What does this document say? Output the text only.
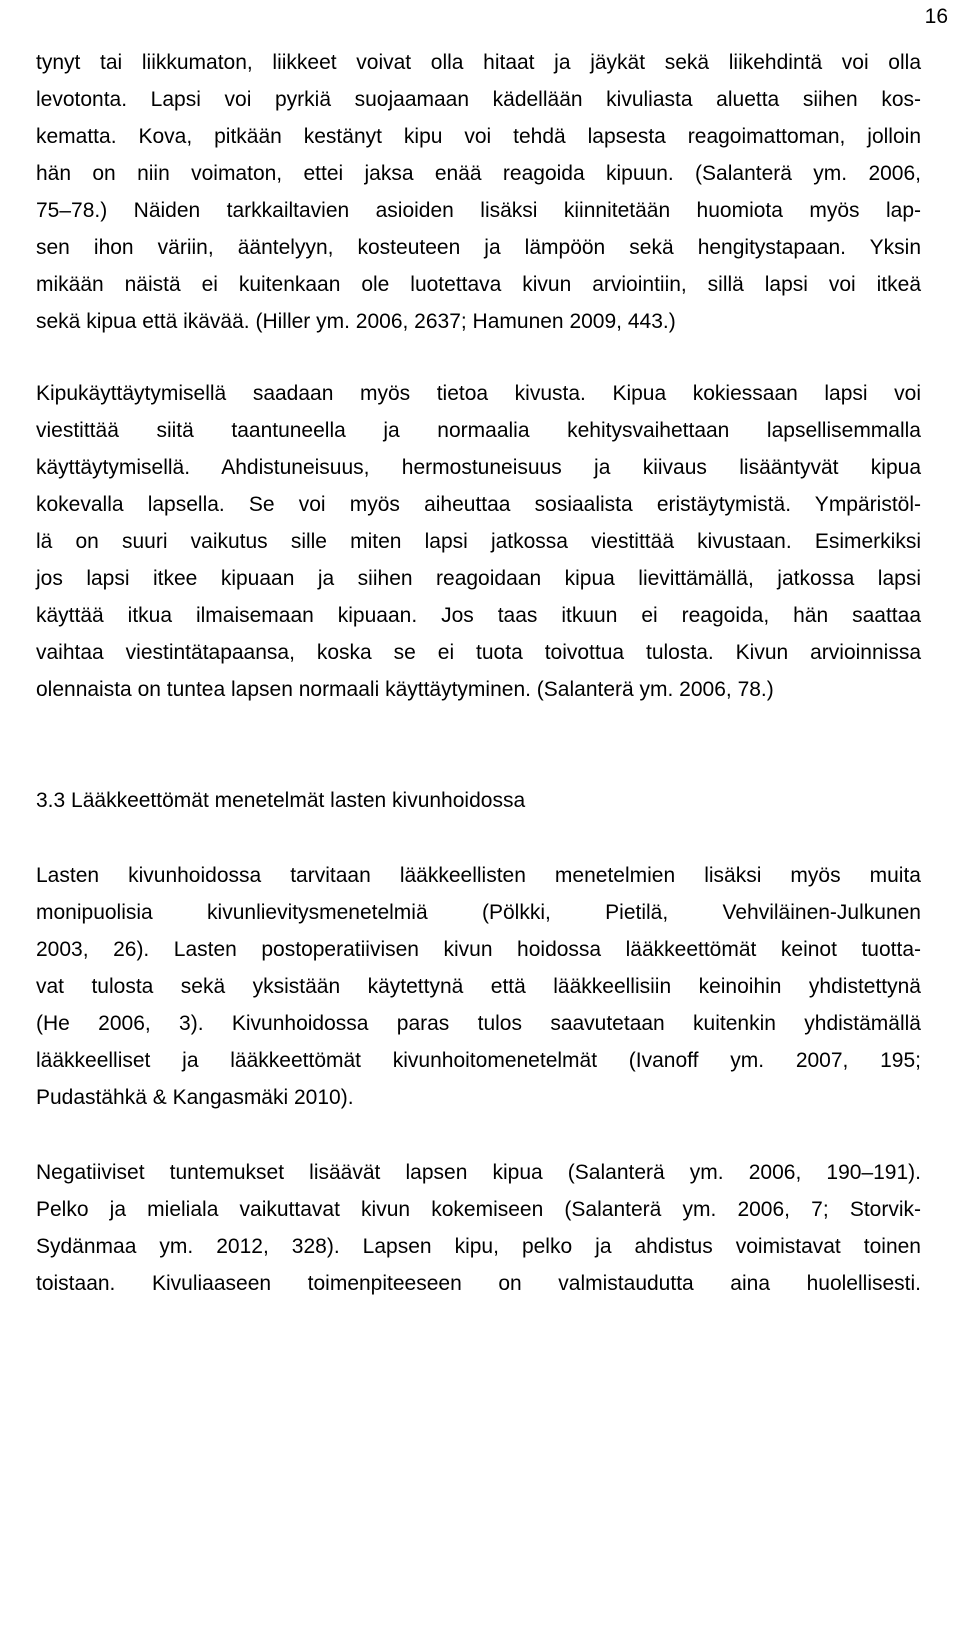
16
tynyt tai liikkumaton, liikkeet voivat olla hitaat ja jäykät sekä liikehdintä voi olla
levotonta. Lapsi voi pyrkiä suojaamaan kädellään kivuliasta aluetta siihen kos-
kematta. Kova, pitkään kestänyt kipu voi tehdä lapsesta reagoimattoman, jolloin
hän on niin voimaton, ettei jaksa enää reagoida kipuun. (Salanterä ym. 2006,
75–78.) Näiden tarkkailtavien asioiden lisäksi kiinnitetään huomiota myös lap-
sen ihon väriin, ääntelyyn, kosteuteen ja lämpöön sekä hengitystapaan. Yksin
mikään näistä ei kuitenkaan ole luotettava kivun arviointiin, sillä lapsi voi itkeä
sekä kipua että ikävää. (Hiller ym. 2006, 2637; Hamunen 2009, 443.)
Kipukäyttäytymisellä saadaan myös tietoa kivusta. Kipua kokiessaan lapsi voi
viestittää siitä taantuneella ja normaalia kehitysvaihettaan lapsellisemmalla
käyttäytymisellä. Ahdistuneisuus, hermostuneisuus ja kiivaus lisääntyvät kipua
kokevalla lapsella. Se voi myös aiheuttaa sosiaalista eristäytymistä. Ympäristöl-
lä on suuri vaikutus sille miten lapsi jatkossa viestittää kivustaan. Esimerkiksi
jos lapsi itkee kipuaan ja siihen reagoidaan kipua lievittämällä, jatkossa lapsi
käyttää itkua ilmaisemaan kipuaan. Jos taas itkuun ei reagoida, hän saattaa
vaihtaa viestintätapaansa, koska se ei tuota toivottua tulosta. Kivun arvioinnissa
olennaista on tuntea lapsen normaali käyttäytyminen. (Salanterä ym. 2006, 78.)
3.3 Lääkkeettömät menetelmät lasten kivunhoidossa
Lasten kivunhoidossa tarvitaan lääkkeellisten menetelmien lisäksi myös muita
monipuolisia kivunlievitysmenetelmiä (Pölkki, Pietilä, Vehviläinen-Julkunen
2003, 26). Lasten postoperatiivisen kivun hoidossa lääkkeettömät keinot tuotta-
vat tulosta sekä yksistään käytettynä että lääkkeellisiin keinoihin yhdistettynä
(He 2006, 3). Kivunhoidossa paras tulos saavutetaan kuitenkin yhdistämällä
lääkkeelliset ja lääkkeettömät kivunhoitomenetelmät (Ivanoff ym. 2007, 195;
Pudastähkä & Kangasmäki 2010).
Negatiiviset tuntemukset lisäävät lapsen kipua (Salanterä ym. 2006, 190–191).
Pelko ja mieliala vaikuttavat kivun kokemiseen (Salanterä ym. 2006, 7; Storvik-
Sydänmaa ym. 2012, 328). Lapsen kipu, pelko ja ahdistus voimistavat toinen
toistaan. Kivuliaaseen toimenpiteeseen on valmistaudutta aina huolellisesti.
